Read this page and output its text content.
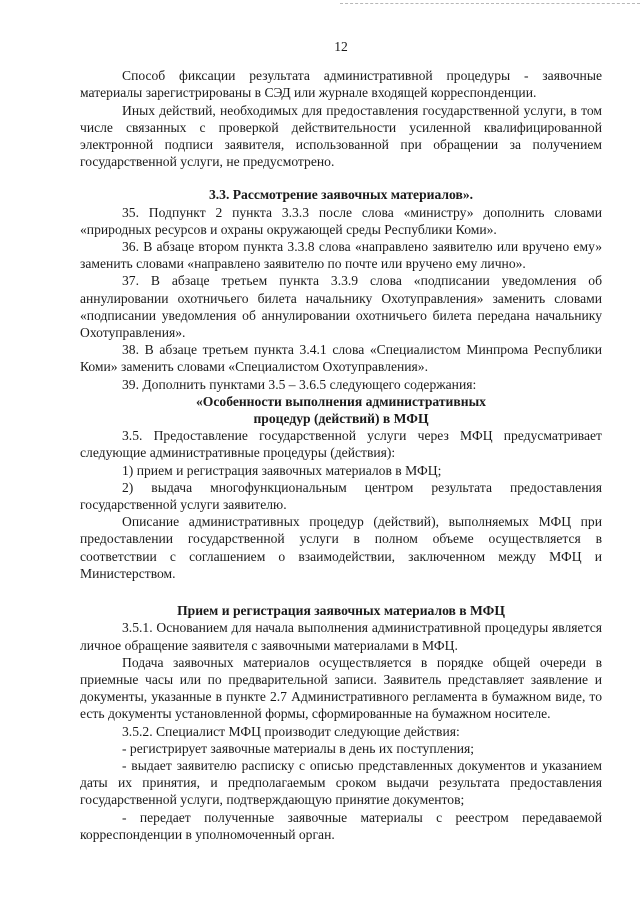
12

Способ фиксации результата административной процедуры - заявочные материалы зарегистрированы в СЭД или журнале входящей корреспонденции.

Иных действий, необходимых для предоставления государственной услуги, в том числе связанных с проверкой действительности усиленной квалифицированной электронной подписи заявителя, использованной при обращении за получением государственной услуги, не предусмотрено.

3.3. Рассмотрение заявочных материалов».

35. Подпункт 2 пункта 3.3.3 после слова «министру» дополнить словами «природных ресурсов и охраны окружающей среды Республики Коми».

36. В абзаце втором пункта 3.3.8 слова «направлено заявителю или вручено ему» заменить словами «направлено заявителю по почте или вручено ему лично».

37. В абзаце третьем пункта 3.3.9 слова «подписании уведомления об аннулировании охотничьего билета начальнику Охотуправления» заменить словами «подписании уведомления об аннулировании охотничьего билета передана начальнику Охотуправления».

38. В абзаце третьем пункта 3.4.1 слова «Специалистом Минпрома Республики Коми» заменить словами «Специалистом Охотуправления».

39. Дополнить пунктами 3.5 – 3.6.5 следующего содержания:

«Особенности выполнения административных
процедур (действий) в МФЦ

3.5. Предоставление государственной услуги через МФЦ предусматривает следующие административные процедуры (действия):

1) прием и регистрация заявочных материалов в МФЦ;

2) выдача многофункциональным центром результата предоставления государственной услуги заявителю.

Описание административных процедур (действий), выполняемых МФЦ при предоставлении государственной услуги в полном объеме осуществляется в соответствии с соглашением о взаимодействии, заключенном между МФЦ и Министерством.

Прием и регистрация заявочных материалов в МФЦ

3.5.1. Основанием для начала выполнения административной процедуры является личное обращение заявителя с заявочными материалами в МФЦ.

Подача заявочных материалов осуществляется в порядке общей очереди в приемные часы или по предварительной записи. Заявитель представляет заявление и документы, указанные в пункте 2.7 Административного регламента в бумажном виде, то есть документы установленной формы, сформированные на бумажном носителе.

3.5.2. Специалист МФЦ производит следующие действия:

- регистрирует заявочные материалы в день их поступления;

- выдает заявителю расписку с описью представленных документов и указанием даты их принятия, и предполагаемым сроком выдачи результата предоставления государственной услуги, подтверждающую принятие документов;

- передает полученные заявочные материалы с реестром передаваемой корреспонденции в уполномоченный орган.
